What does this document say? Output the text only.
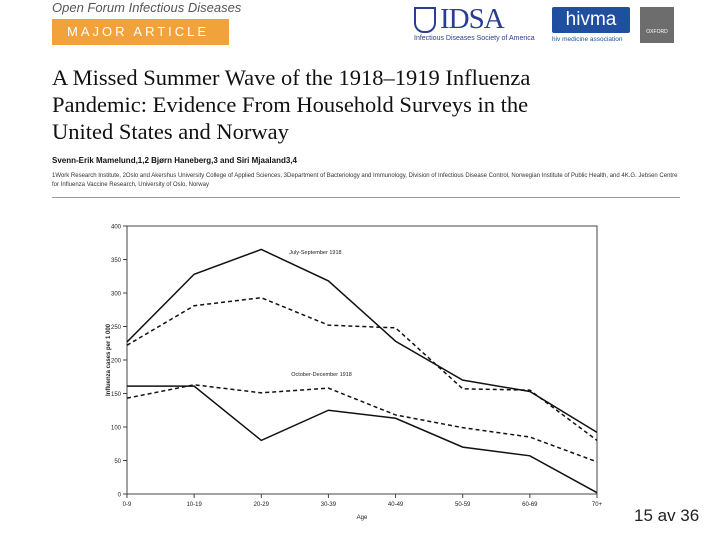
Open Forum Infectious Diseases
MAJOR ARTICLE	IDSA
Infectious Diseases Society of America
hivma
hiv medicine association
OXFORD
A Missed Summer Wave of the 1918–1919 Influenza
Pandemic: Evidence From Household Surveys in the
United States and Norway
Svenn-Erik Mamelund,1,2 Bjørn Haneberg,3 and Siri Mjaaland3,4
1Work Research Institute, 2Oslo and Akershus University College of Applied Sciences, 3Department of Bacteriology and Immunology, Division of Infectious Disease Control, Norwegian Institute of Public Health, and 4K.G. Jebsen Centre for Influenza Vaccine Research, University of Oslo, Norway
0
50
100
150
200
250
300
350
400
0-9	10-19	20-29	30-39	40-49	50-59	60-69	70+
Age
Influenza cases per 1 000
July-September 1918
October-December 1918
15 av 36
